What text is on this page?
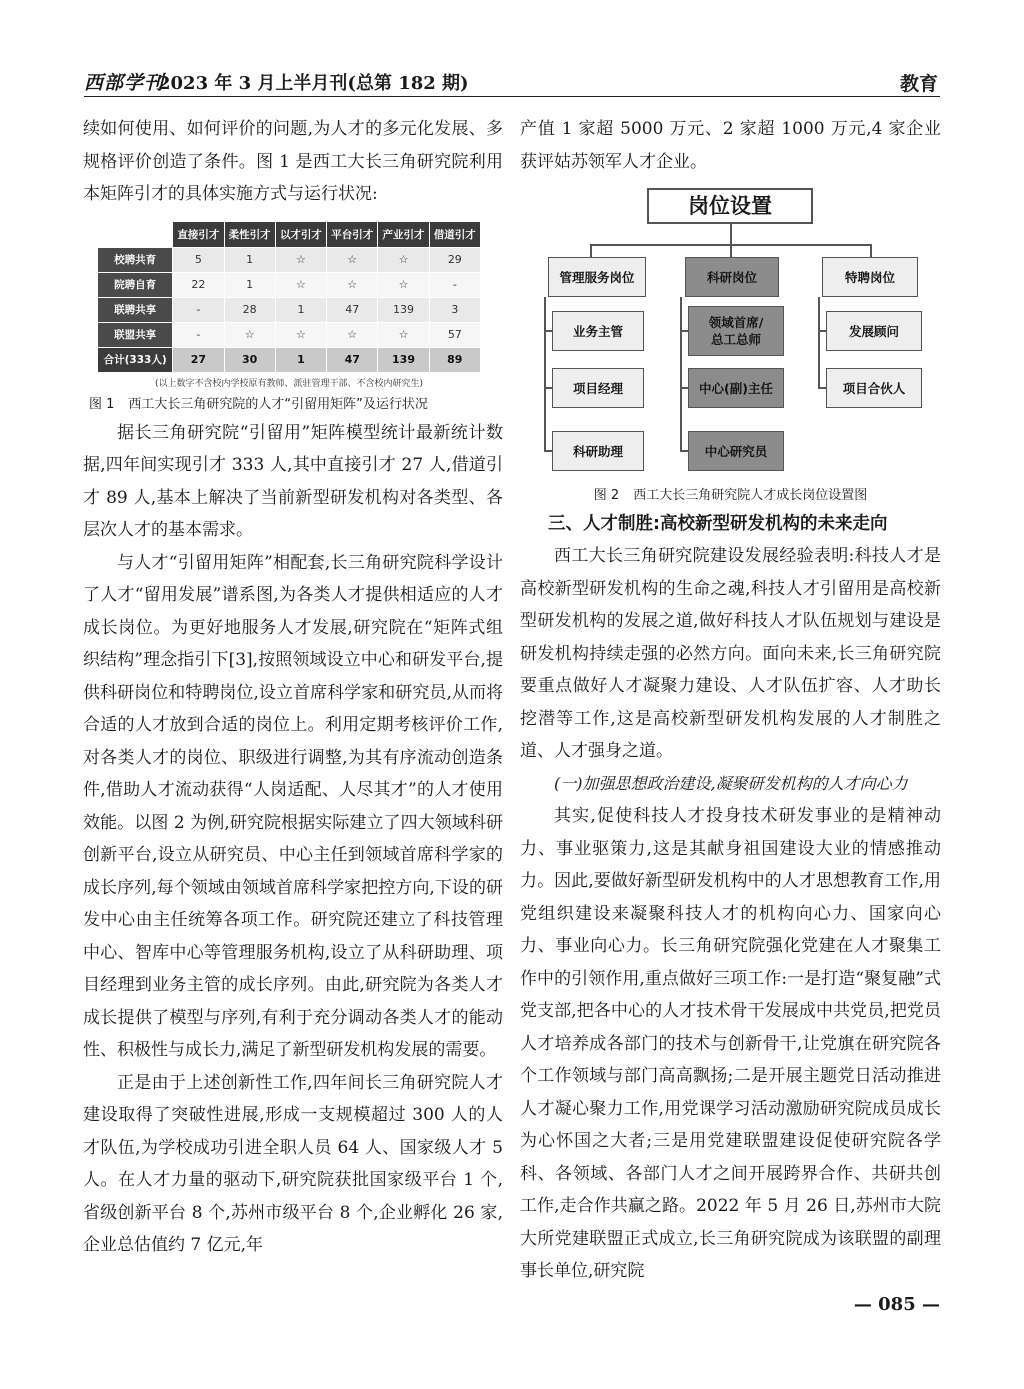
西部学刊
2023 年 3 月上半月刊(总第 182 期)	教育

续如何使用、如何评价的问题,为人才的多元化发展、多规格评价创造了条件。图 1 是西工大长三角研究院利用本矩阵引才的具体实施方式与运行状况:

	直接引才	柔性引才	以才引才	平台引才	产业引才	借道引才
校聘共育	5	1	☆	☆	☆	29
院聘自育	22	1	☆	☆	☆	-
联聘共享	-	28	1	47	139	3
联盟共享	-	☆	☆	☆	☆	57
合计(333人)	27	30	1	47	139	89
(以上数字不含校内学校原有教师、派驻管理干部、不含校内研究生)
图 1 西工大长三角研究院的人才“引留用矩阵”及运行状况

据长三角研究院“引留用”矩阵模型统计最新统计数据,四年间实现引才 333 人,其中直接引才 27 人,借道引才 89 人,基本上解决了当前新型研发机构对各类型、各层次人才的基本需求。

与人才“引留用矩阵”相配套,长三角研究院科学设计了人才“留用发展”谱系图,为各类人才提供相适应的人才成长岗位。为更好地服务人才发展,研究院在“矩阵式组织结构”理念指引下[3],按照领域设立中心和研发平台,提供科研岗位和特聘岗位,设立首席科学家和研究员,从而将合适的人才放到合适的岗位上。利用定期考核评价工作,对各类人才的岗位、职级进行调整,为其有序流动创造条件,借助人才流动获得“人岗适配、人尽其才”的人才使用效能。以图 2 为例,研究院根据实际建立了四大领域科研创新平台,设立从研究员、中心主任到领域首席科学家的成长序列,每个领域由领域首席科学家把控方向,下设的研发中心由主任统筹各项工作。研究院还建立了科技管理中心、智库中心等管理服务机构,设立了从科研助理、项目经理到业务主管的成长序列。由此,研究院为各类人才成长提供了模型与序列,有利于充分调动各类人才的能动性、积极性与成长力,满足了新型研发机构发展的需要。

正是由于上述创新性工作,四年间长三角研究院人才建设取得了突破性进展,形成一支规模超过 300 人的人才队伍,为学校成功引进全职人员 64 人、国家级人才 5 人。在人才力量的驱动下,研究院获批国家级平台 1 个,省级创新平台 8 个,苏州市级平台 8 个,企业孵化 26 家,企业总估值约 7 亿元,年

产值 1 家超 5000 万元、2 家超 1000 万元,4 家企业获评姑苏领军人才企业。

岗位设置
管理服务岗位	科研岗位	特聘岗位
业务主管
项目经理
科研助理
领域首席/
总工总师
中心(副)主任
中心研究员
发展顾问
项目合伙人
图 2 西工大长三角研究院人才成长岗位设置图
三、人才制胜:高校新型研发机构的未来走向

西工大长三角研究院建设发展经验表明:科技人才是高校新型研发机构的生命之魂,科技人才引留用是高校新型研发机构的发展之道,做好科技人才队伍规划与建设是研发机构持续走强的必然方向。面向未来,长三角研究院要重点做好人才凝聚力建设、人才队伍扩容、人才助长挖潜等工作,这是高校新型研发机构发展的人才制胜之道、人才强身之道。

(一)加强思想政治建设,凝聚研发机构的人才向心力

其实,促使科技人才投身技术研发事业的是精神动力、事业驱策力,这是其献身祖国建设大业的情感推动力。因此,要做好新型研发机构中的人才思想教育工作,用党组织建设来凝聚科技人才的机构向心力、国家向心力、事业向心力。长三角研究院强化党建在人才聚集工作中的引领作用,重点做好三项工作:一是打造“聚复融”式党支部,把各中心的人才技术骨干发展成中共党员,把党员人才培养成各部门的技术与创新骨干,让党旗在研究院各个工作领域与部门高高飘扬;二是开展主题党日活动推进人才凝心聚力工作,用党课学习活动激励研究院成员成长为心怀国之大者;三是用党建联盟建设促使研究院各学科、各领域、各部门人才之间开展跨界合作、共研共创工作,走合作共赢之路。2022 年 5 月 26 日,苏州市大院大所党建联盟正式成立,长三角研究院成为该联盟的副理事长单位,研究院

— 085 —
